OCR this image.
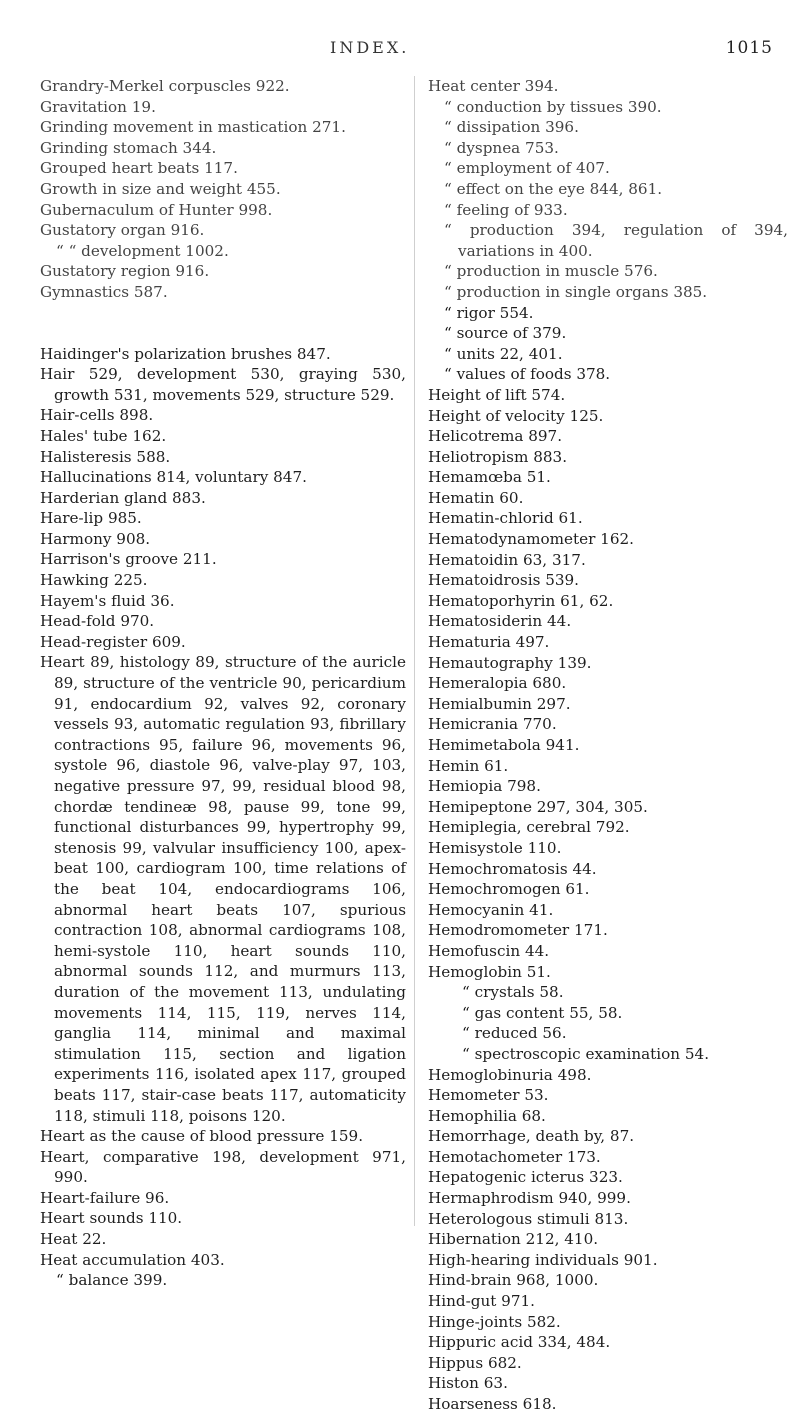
INDEX.	1015
Grandry-Merkel corpuscles 922.
Gravitation 19.
Grinding movement in mastication 271.
Grinding stomach 344.
Grouped heart beats 117.
Growth in size and weight 455.
Gubernaculum of Hunter 998.
Gustatory organ 916.
“ “ development 1002.
Gustatory region 916.
Gymnastics 587.
Haidinger's polarization brushes 847.
Hair 529, development 530, graying 530, growth 531, movements 529, structure 529.
Hair-cells 898.
Hales' tube 162.
Halisteresis 588.
Hallucinations 814, voluntary 847.
Harderian gland 883.
Hare-lip 985.
Harmony 908.
Harrison's groove 211.
Hawking 225.
Hayem's fluid 36.
Head-fold 970.
Head-register 609.
Heart 89, histology 89, structure of the auricle 89, structure of the ventricle 90, pericardium 91, endocardium 92, valves 92, coronary vessels 93, automatic regulation 93, fibrillary contractions 95, failure 96, movements 96, systole 96, diastole 96, valve-play 97, 103, negative pressure 97, 99, residual blood 98, chordæ tendineæ 98, pause 99, tone 99, functional disturbances 99, hypertrophy 99, stenosis 99, valvular insufficiency 100, apex-beat 100, cardiogram 100, time relations of the beat 104, endocardiograms 106, abnormal heart beats 107, spurious contraction 108, abnormal cardiograms 108, hemi-systole 110, heart sounds 110, abnormal sounds 112, and murmurs 113, duration of the movement 113, undulating movements 114, 115, 119, nerves 114, ganglia 114, minimal and maximal stimulation 115, section and ligation experiments 116, isolated apex 117, grouped beats 117, stair-case beats 117, automaticity 118, stimuli 118, poisons 120.
Heart as the cause of blood pressure 159.
Heart, comparative 198, development 971, 990.
Heart-failure 96.
Heart sounds 110.
Heat 22.
Heat accumulation 403.
“ balance 399.
Heat center 394.
“ conduction by tissues 390.
“ dissipation 396.
“ dyspnea 753.
“ employment of 407.
“ effect on the eye 844, 861.
“ feeling of 933.
“ production 394, regulation of 394, variations in 400.
“ production in muscle 576.
“ production in single organs 385.
“ rigor 554.
“ source of 379.
“ units 22, 401.
“ values of foods 378.
Height of lift 574.
Height of velocity 125.
Helicotrema 897.
Heliotropism 883.
Hemamœba 51.
Hematin 60.
Hematin-chlorid 61.
Hematodynamometer 162.
Hematoidin 63, 317.
Hematoidrosis 539.
Hematoporhyrin 61, 62.
Hematosiderin 44.
Hematuria 497.
Hemautography 139.
Hemeralopia 680.
Hemialbumin 297.
Hemicrania 770.
Hemimetabola 941.
Hemin 61.
Hemiopia 798.
Hemipeptone 297, 304, 305.
Hemiplegia, cerebral 792.
Hemisystole 110.
Hemochromatosis 44.
Hemochromogen 61.
Hemocyanin 41.
Hemodromometer 171.
Hemofuscin 44.
Hemoglobin 51.
“ crystals 58.
“ gas content 55, 58.
“ reduced 56.
“ spectroscopic examination 54.
Hemoglobinuria 498.
Hemometer 53.
Hemophilia 68.
Hemorrhage, death by, 87.
Hemotachometer 173.
Hepatogenic icterus 323.
Hermaphrodism 940, 999.
Heterologous stimuli 813.
Hibernation 212, 410.
High-hearing individuals 901.
Hind-brain 968, 1000.
Hind-gut 971.
Hinge-joints 582.
Hippuric acid 334, 484.
Hippus 682.
Histon 63.
Hoarseness 618.
